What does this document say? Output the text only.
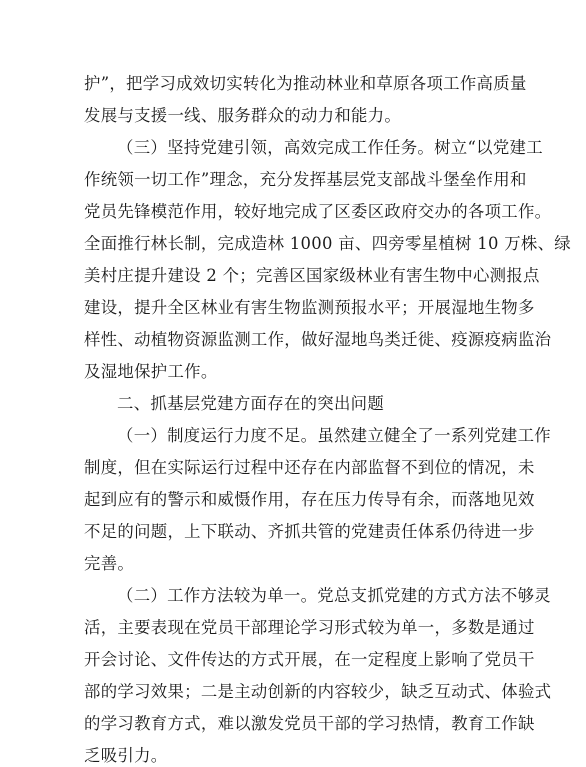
护”，把学习成效切实转化为推动林业和草原各项工作高质量
发展与支援一线、服务群众的动力和能力。
（三）坚持党建引领，高效完成工作任务。树立“以党建工
作统领一切工作”理念，充分发挥基层党支部战斗堡垒作用和
党员先锋模范作用，较好地完成了区委区政府交办的各项工作。
全面推行林长制，完成造林 1000 亩、四旁零星植树 10 万株、绿
美村庄提升建设 2 个；完善区国家级林业有害生物中心测报点
建设，提升全区林业有害生物监测预报水平；开展湿地生物多
样性、动植物资源监测工作，做好湿地鸟类迁徙、疫源疫病监治
及湿地保护工作。
二、抓基层党建方面存在的突出问题
（一）制度运行力度不足。虽然建立健全了一系列党建工作
制度，但在实际运行过程中还存在内部监督不到位的情况，未
起到应有的警示和威慑作用，存在压力传导有余，而落地见效
不足的问题，上下联动、齐抓共管的党建责任体系仍待进一步
完善。
（二）工作方法较为单一。党总支抓党建的方式方法不够灵
活，主要表现在党员干部理论学习形式较为单一，多数是通过
开会讨论、文件传达的方式开展，在一定程度上影响了党员干
部的学习效果；二是主动创新的内容较少，缺乏互动式、体验式
的学习教育方式，难以激发党员干部的学习热情，教育工作缺
乏吸引力。
